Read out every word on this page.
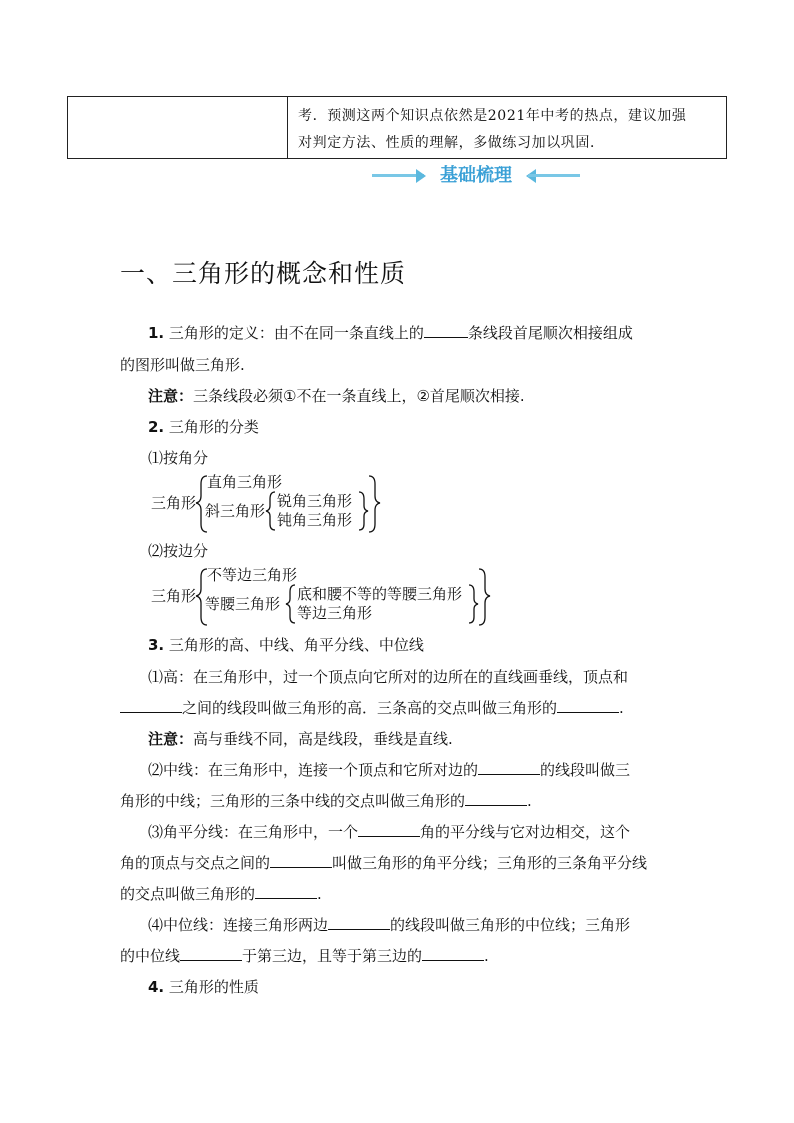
考．预测这两个知识点依然是2021年中考的热点，建议加强
对判定方法、性质的理解，多做练习加以巩固．
基础梳理
一、三角形的概念和性质
1. 三角形的定义：由不在同一条直线上的	条线段首尾顺次相接组成
的图形叫做三角形.
注意：三条线段必须①不在一条直线上，②首尾顺次相接.
2. 三角形的分类
⑴按角分
三角形
直角三角形
斜三角形
锐角三角形
钝角三角形
⑵按边分
三角形
不等边三角形
等腰三角形
底和腰不等的等腰三角形
等边三角形
3. 三角形的高、中线、角平分线、中位线
⑴高：在三角形中，过一个顶点向它所对的边所在的直线画垂线，顶点和
之间的线段叫做三角形的高．三条高的交点叫做三角形的	.
注意：高与垂线不同，高是线段，垂线是直线.
⑵中线：在三角形中，连接一个顶点和它所对边的	的线段叫做三
角形的中线；三角形的三条中线的交点叫做三角形的	.
⑶角平分线：在三角形中，一个	角的平分线与它对边相交，这个
角的顶点与交点之间的	叫做三角形的角平分线；三角形的三条角平分线
的交点叫做三角形的	.
⑷中位线：连接三角形两边	的线段叫做三角形的中位线；三角形
的中位线	于第三边，且等于第三边的	.
4. 三角形的性质
